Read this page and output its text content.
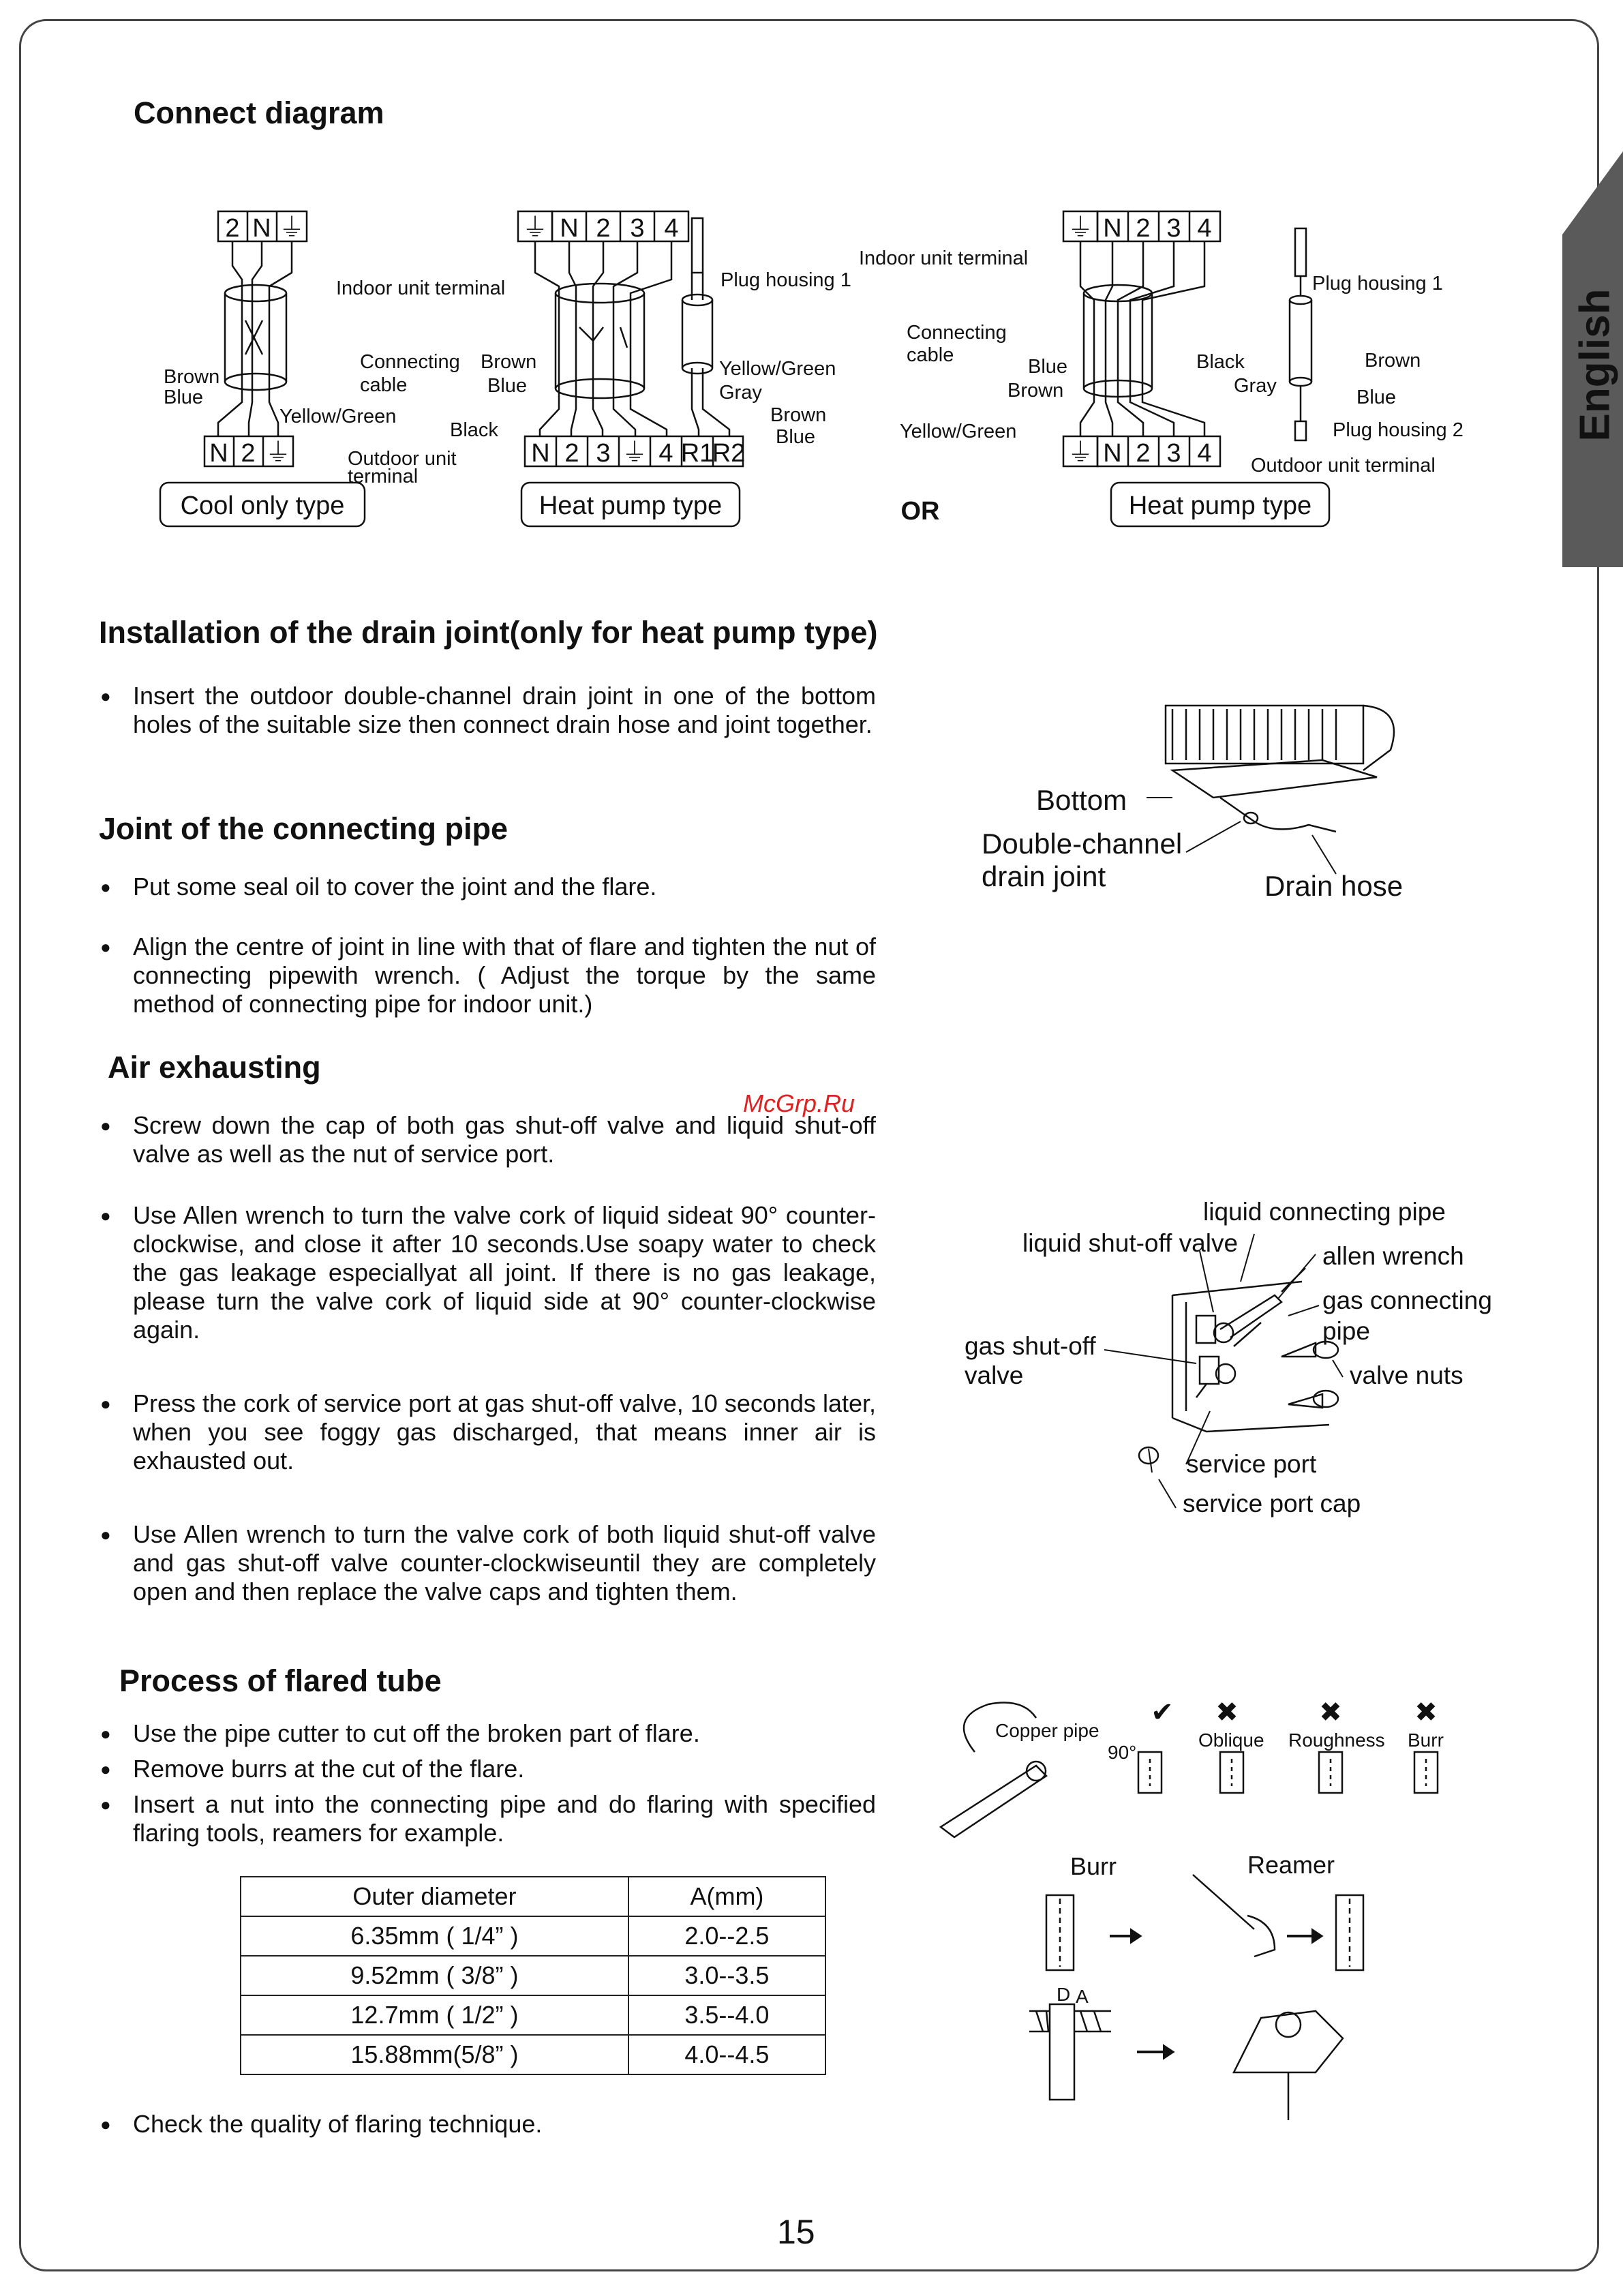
English
Connect diagram
2 N ⏚
N 2 ⏚
⏚ N 2 3 4
N 2 3 ⏚ 4 R1
R2
⏚ N 2 3 4
⏚ N 2 3 4
Indoor unit terminal
Connecting
cable
Brown
Blue
Yellow/Green
Outdoor unit
terminal
Plug housing 1
Brown
Blue
Black
Yellow/Green
Gray
Brown
Blue
Indoor unit terminal
Connecting
cable
Blue
Brown
Yellow/Green
Black
Gray
Brown
Blue
Plug housing 1
Plug housing 2
Outdoor unit terminal
Cool only type	Heat pump type	Heat pump type
OR
Installation of the drain joint(only for heat pump type)
● Insert the outdoor double-channel drain joint in one of the bottom holes of the suitable size then connect drain hose and joint together.
Bottom
Double-channel
drain joint	Drain hose
Joint of the connecting pipe
● Put some seal oil to cover the joint and the flare.
● Align the centre of joint in line with that of flare and tighten the nut of connecting pipewith wrench. ( Adjust the torque by the same method of connecting pipe for indoor unit.)
Air exhausting
● Screw down the cap of both gas shut-off valve and liquid shut-off valve as well as the nut of service port.
● Use Allen wrench to turn the valve cork of liquid sideat 90° counter-clockwise, and close it after 10 seconds.Use soapy water to check the gas leakage especiallyat all joint. If there is no gas leakage, please turn the valve cork of liquid side at 90° counter-clockwise again.
● Press the cork of service port at gas shut-off valve, 10 seconds later, when you see foggy gas discharged, that means inner air is exhausted out.
● Use Allen wrench to turn the valve cork of both liquid shut-off valve and gas shut-off valve counter-clockwiseuntil they are completely open and then replace the valve caps and tighten them.
McGrp.Ru
liquid connecting pipe
liquid shut-off valve	allen wrench
gas connecting
pipe
gas shut-off
valve	valve nuts
service port
service port cap
Process of flared tube
● Use the pipe cutter to cut off the broken part of flare.
● Remove burrs at the cut of the flare.
● Insert a nut into the connecting pipe and do flaring with specified flaring tools, reamers for example.
Outer diameter	A(mm)
6.35mm ( 1/4” )	2.0--2.5
9.52mm ( 3/8” )	3.0--3.5
12.7mm ( 1/2” )	3.5--4.0
15.88mm(5/8” )	4.0--4.5
● Check the quality of flaring technique.
Copper pipe
90°
Oblique Roughness Burr
A
D
✔ ✖	✖	✖
Burr	Reamer
15
